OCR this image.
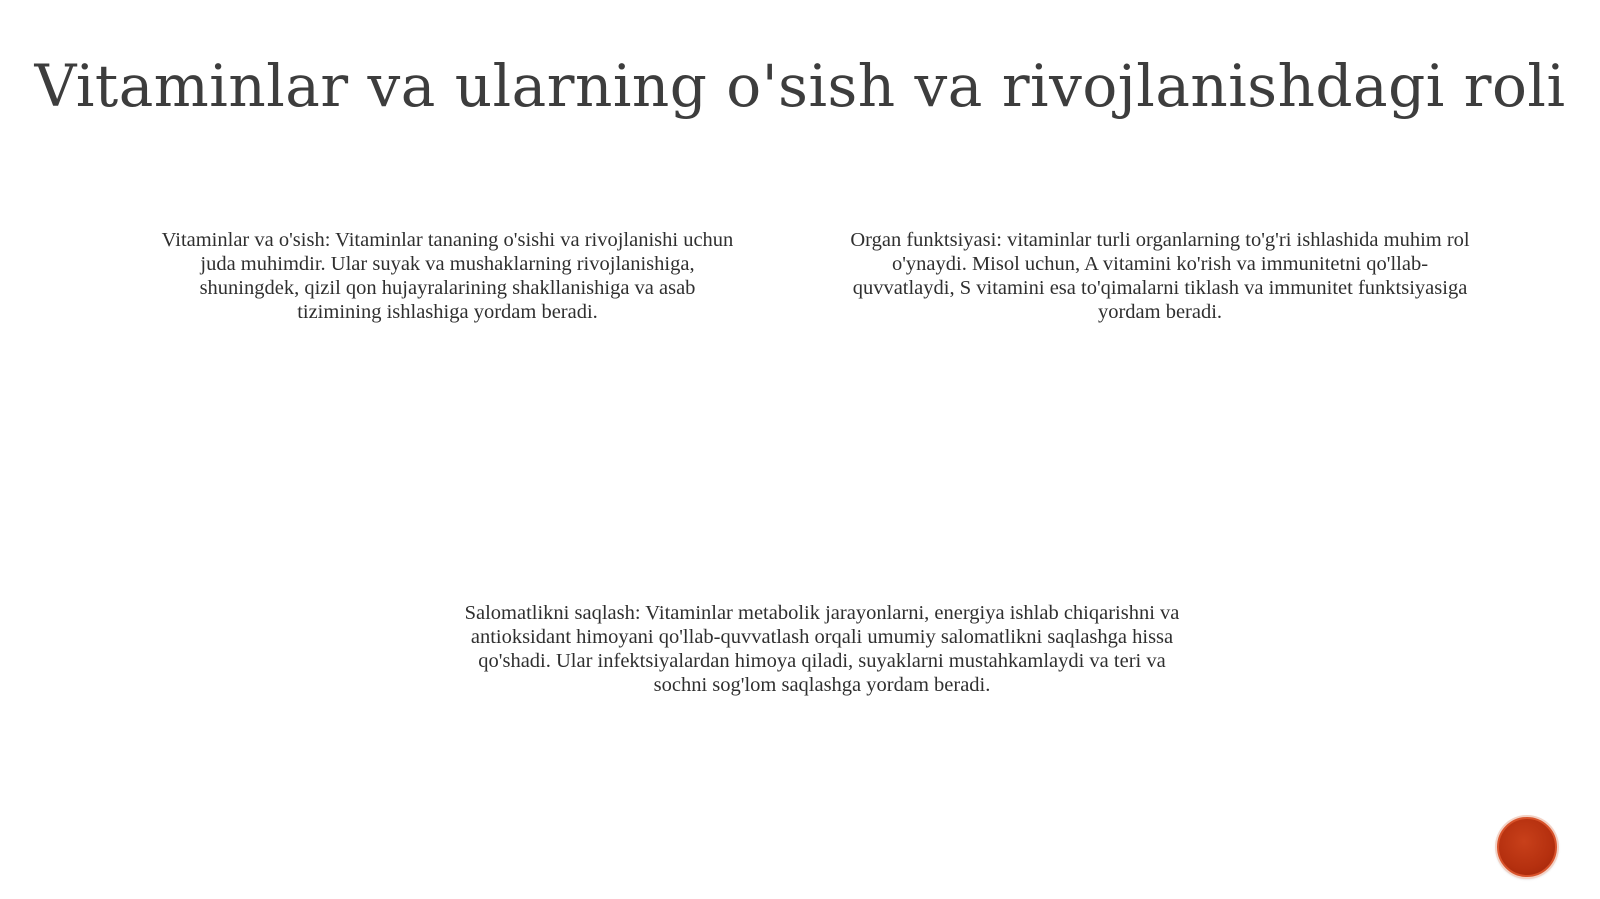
Vitaminlar va ularning o'sish va rivojlanishdagi roli

Vitaminlar va o'sish: Vitaminlar tananing o'sishi va rivojlanishi uchun juda muhimdir. Ular suyak va mushaklarning rivojlanishiga, shuningdek, qizil qon hujayralarining shakllanishiga va asab tizimining ishlashiga yordam beradi.

Organ funktsiyasi: vitaminlar turli organlarning to'g'ri ishlashida muhim rol o'ynaydi. Misol uchun, A vitamini ko'rish va immunitetni qo'llab-quvvatlaydi, S vitamini esa to'qimalarni tiklash va immunitet funktsiyasiga yordam beradi.

Salomatlikni saqlash: Vitaminlar metabolik jarayonlarni, energiya ishlab chiqarishni va antioksidant himoyani qo'llab-quvvatlash orqali umumiy salomatlikni saqlashga hissa qo'shadi. Ular infektsiyalardan himoya qiladi, suyaklarni mustahkamlaydi va teri va sochni sog'lom saqlashga yordam beradi.
